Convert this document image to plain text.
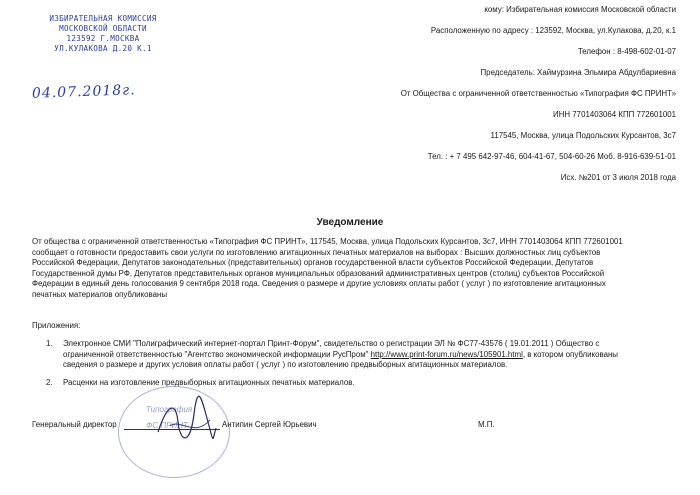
ИЗБИРАТЕЛЬНАЯ КОМИССИЯ
МОСКОВСКОЙ ОБЛАСТИ
123592 Г.МОСКВА
УЛ.КУЛАКОВА Д.20 К.1
04.07.2018г.
кому: Избирательная комиссия Московской области
Расположенную по адресу : 123592, Москва, ул.Кулакова, д.20, к.1
Телефон : 8-498-602-01-07
Председатель: Хаймурзина Эльмира Абдулбариевна
От Общества с ограниченной ответственностью «Типография ФС ПРИНТ»
ИНН 7701403064 КПП 772601001
117545, Москва, улица Подольских Курсантов, 3с7
Тел. : + 7 495 642-97-46, 604-41-67, 504-60-26 Моб. 8-916-639-51-01
Исх. №201 от 3 июля 2018 года
Уведомление
От общества с ограниченной ответственностью «Типография ФС ПРИНТ», 117545, Москва, улица Подольских Курсантов, 3с7, ИНН 7701403064 КПП 772601001
сообщает о готовности предоставить свои услуги по изготовлению агитационных печатных материалов на выборах : Высших должностных лиц субъектов
Российской Федерации, Депутатов законодательных (представительных) органов государственной власти субъектов Российской Федерации, Депутатов
Государственной думы РФ, Депутатов представительных органов муниципальных образований административных центров (столиц) субъектов Российской
Федерации в единый день голосования 9 сентября 2018 года. Сведения о размере и другие условиях оплаты работ ( услуг ) по изготовление агитационных
печатных материалов опубликованы
Приложения:
1. Электронное СМИ "Полиграфический интернет-портал Принт-Форум", свидетельство о регистрации ЭЛ № ФС77-43576 ( 19.01.2011 ) Общество с
ограниченной ответственностью "Агентство экономической информации РусПром" http://www.print-forum.ru/news/105901.html, в котором опубликованы
сведения о размере и других условия оплаты работ ( услуг ) по изготовлению предвыборных агитационных материалов.
2. Расценки на изготовление предвыборных агитационных печатных материалов.
Типография
ФС ПРИНТ
Генеральный директор	Антипин Сергей Юрьевич	М.П.
